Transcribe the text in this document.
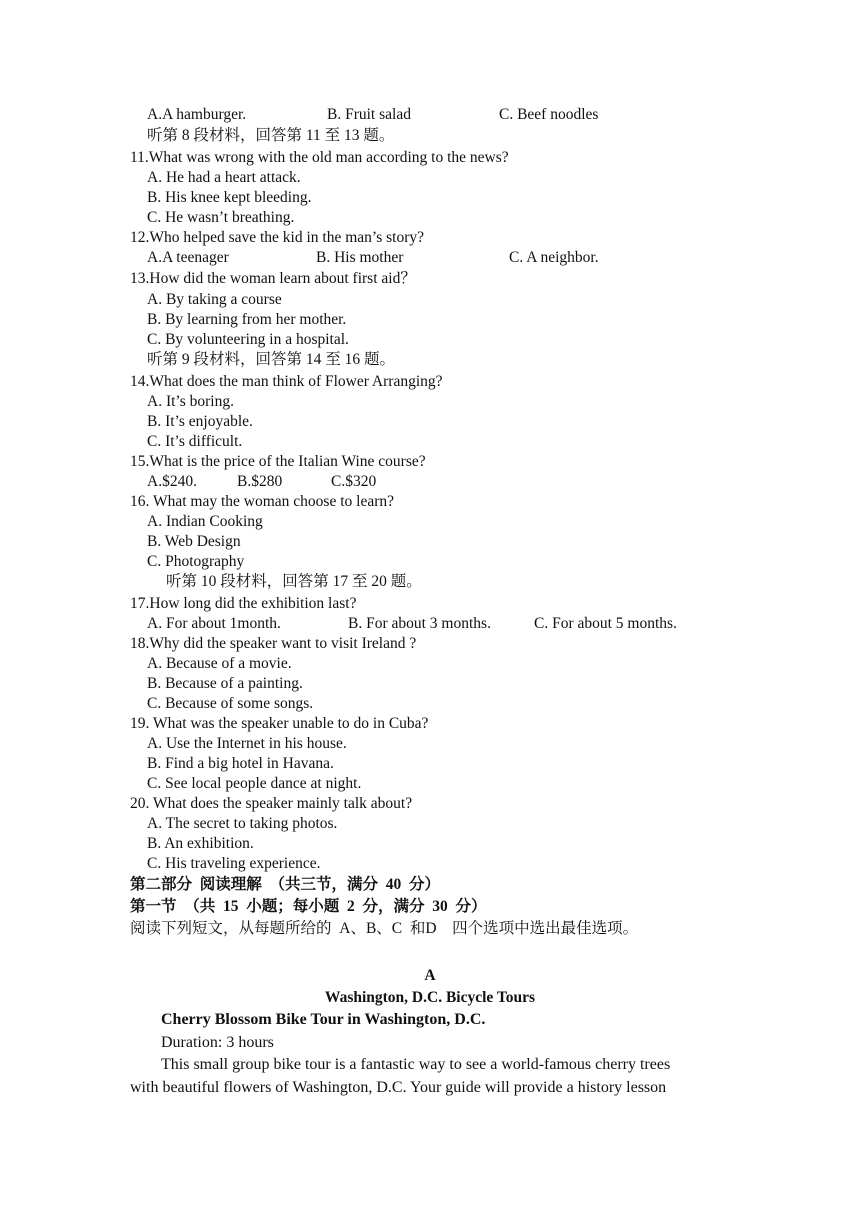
A.A hamburger.	B. Fruit salad	C. Beef noodles
听第 8 段材料，回答第 11 至 13 题。
11.What was wrong with the old man according to the news?
A. He had a heart attack.
B. His knee kept bleeding.
C. He wasn’t breathing.
12.Who helped save the kid in the man’s story?
A.A teenager	B. His mother	C. A neighbor.
13.How did the woman learn about first aid？
A. By taking a course
B. By learning from her mother.
C. By volunteering in a hospital.
听第 9 段材料，回答第 14 至 16 题。
14.What does the man think of Flower Arranging?
A. It’s boring.
B. It’s enjoyable.
C. It’s difficult.
15.What is the price of the Italian Wine course?
A.$240.	B.$280	C.$320
16. What may the woman choose to learn?
A. Indian Cooking
B. Web Design
C. Photography
听第 10 段材料，回答第 17 至 20 题。
17.How long did the exhibition last?
A. For about 1month.	B. For about 3 months.	C. For about 5 months.
18.Why did the speaker want to visit Ireland ?
A. Because of a movie.
B. Because of a painting.
C. Because of some songs.
19. What was the speaker unable to do in Cuba?
A. Use the Internet in his house.
B. Find a big hotel in Havana.
C. See local people dance at night.
20. What does the speaker mainly talk about?
A. The secret to taking photos.
B. An exhibition.
C. His traveling experience.
第二部分  阅读理解  （共三节，满分  40  分）
第一节  （共  15  小题；每小题  2  分，满分  30  分）
阅读下列短文，从每题所给的  A、B、C  和D    四个选项中选出最佳选项。
A
Washington, D.C. Bicycle Tours
Cherry Blossom Bike Tour in Washington, D.C.
Duration: 3 hours
This small group bike tour is a fantastic way to see a world-famous cherry trees
with beautiful flowers of Washington, D.C. Your guide will provide a history lesson
